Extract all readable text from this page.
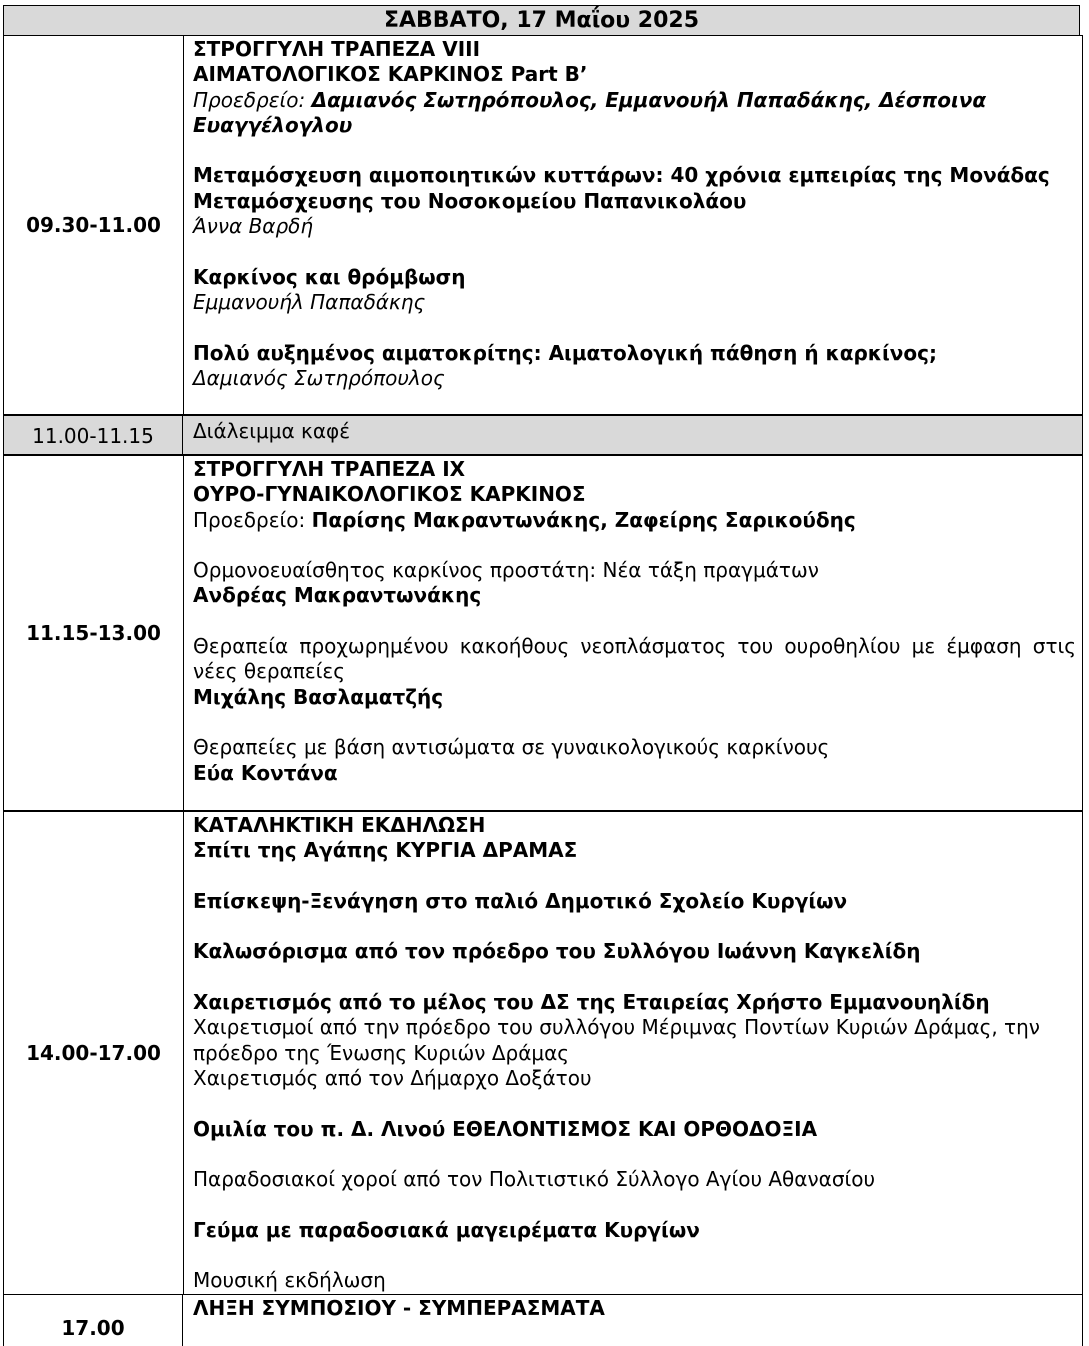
ΣΑΒΒΑΤΟ, 17 Μαΐου 2025
09.30-11.00
ΣΤΡΟΓΓΥΛΗ ΤΡΑΠΕΖΑ VIII
ΑΙΜΑΤΟΛΟΓΙΚΟΣ ΚΑΡΚΙΝΟΣ Part B’
Προεδρείο: Δαμιανός Σωτηρόπουλος, Εμμανουήλ Παπαδάκης, Δέσποινα Ευαγγέλογλου
Μεταμόσχευση αιμοποιητικών κυττάρων: 40 χρόνια εμπειρίας της Μονάδας
Μεταμόσχευσης του Νοσοκομείου Παπανικολάου
Άννα Βαρδή
Καρκίνος και θρόμβωση
Εμμανουήλ Παπαδάκης
Πολύ αυξημένος αιματοκρίτης: Αιματολογική πάθηση ή καρκίνος;
Δαμιανός Σωτηρόπουλος
11.00-11.15	Διάλειμμα καφέ
11.15-13.00
ΣΤΡΟΓΓΥΛΗ ΤΡΑΠΕΖΑ IX
ΟΥΡΟ-ΓΥΝΑΙΚΟΛΟΓΙΚΟΣ ΚΑΡΚΙΝΟΣ
Προεδρείο: Παρίσης Μακραντωνάκης, Ζαφείρης Σαρικούδης
Ορμονοευαίσθητος καρκίνος προστάτη: Νέα τάξη πραγμάτων
Ανδρέας Μακραντωνάκης
Θεραπεία προχωρημένου κακοήθους νεοπλάσματος του ουροθηλίου με έμφαση στις νέες θεραπείες
Μιχάλης Βασλαματζής
Θεραπείες με βάση αντισώματα σε γυναικολογικούς καρκίνους
Εύα Κοντάνα
14.00-17.00
ΚΑΤΑΛΗΚΤΙΚΗ ΕΚΔΗΛΩΣΗ
Σπίτι της Αγάπης ΚΥΡΓΙΑ ΔΡΑΜΑΣ
Επίσκεψη-Ξενάγηση στο παλιό Δημοτικό Σχολείο Κυργίων
Καλωσόρισμα από τον πρόεδρο του Συλλόγου Ιωάννη Καγκελίδη
Χαιρετισμός από το μέλος του ΔΣ της Εταιρείας Χρήστο Εμμανουηλίδη
Χαιρετισμοί από την πρόεδρο του συλλόγου Μέριμνας Ποντίων Κυριών Δράμας, την πρόεδρο της Ένωσης Κυριών Δράμας
Χαιρετισμός από τον Δήμαρχο Δοξάτου
Ομιλία του π. Δ. Λινού ΕΘΕΛΟΝΤΙΣΜΟΣ ΚΑΙ ΟΡΘΟΔΟΞΙΑ
Παραδοσιακοί χοροί από τον Πολιτιστικό Σύλλογο Αγίου Αθανασίου
Γεύμα με παραδοσιακά μαγειρέματα Κυργίων
Μουσική εκδήλωση
17.00
ΛΗΞΗ ΣΥΜΠΟΣΙΟΥ - ΣΥΜΠΕΡΑΣΜΑΤΑ
